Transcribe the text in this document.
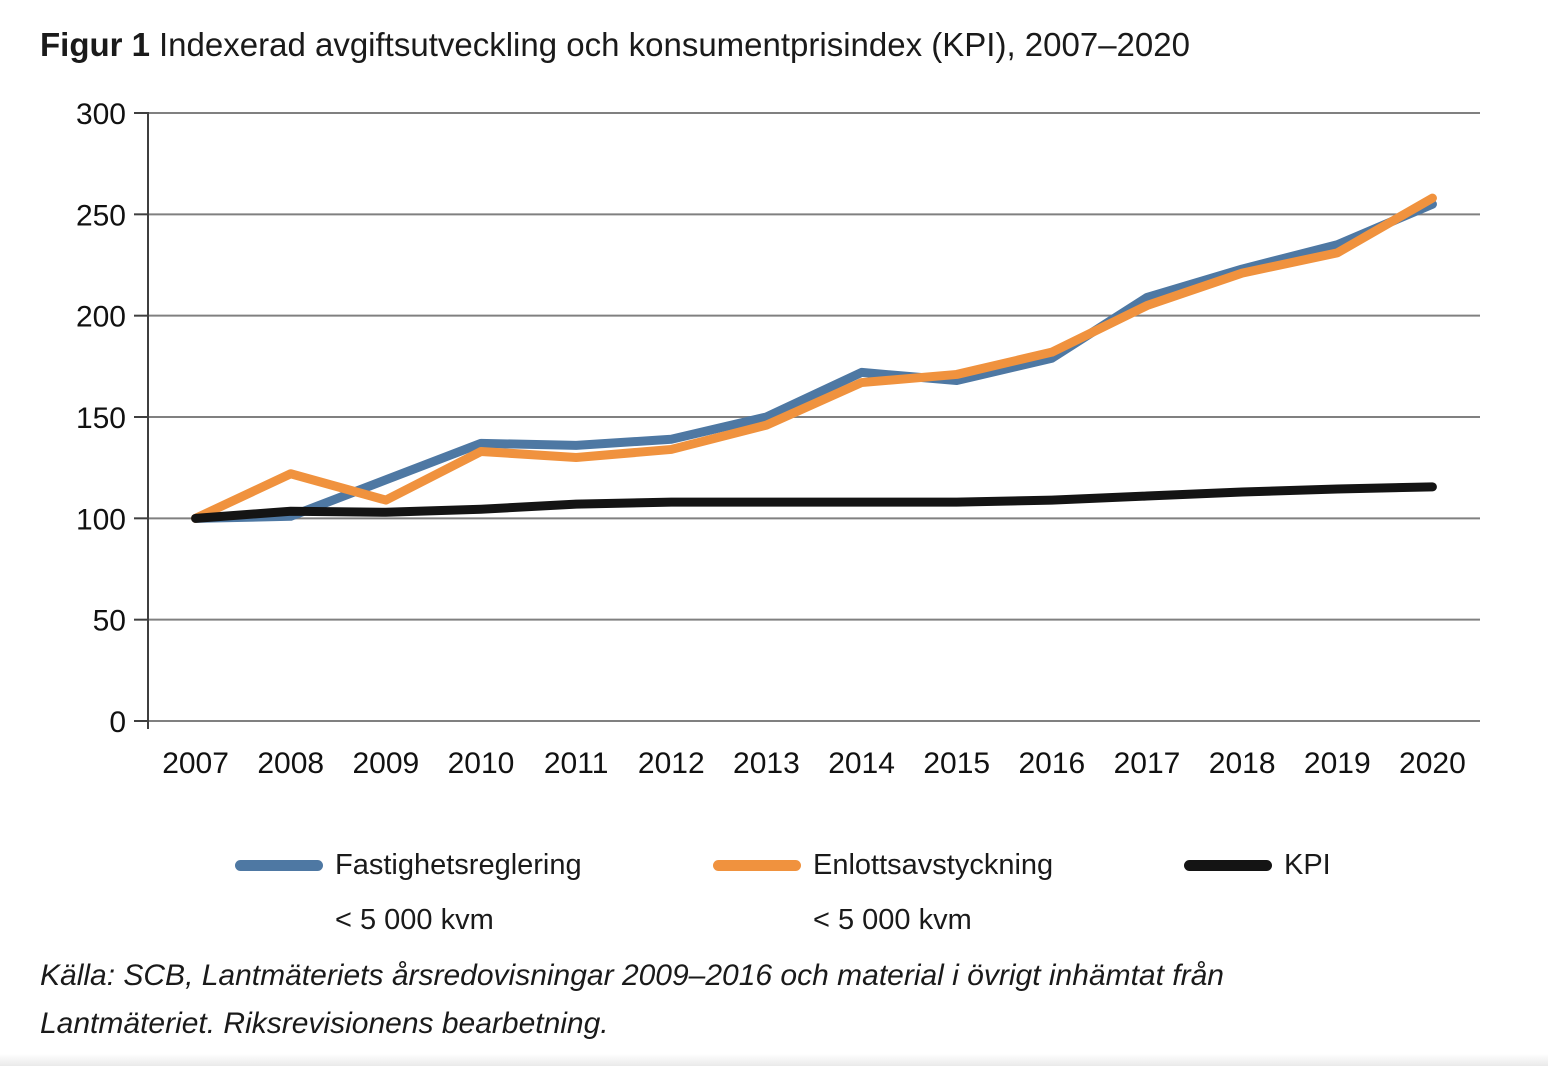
Figur 1 Indexerad avgiftsutveckling och konsumentprisindex (KPI), 2007–2020
0
50
100
150
200
250
300
2007 2008 2009 2010 2011 2012 2013 2014 2015 2016 2017 2018 2019 2020
Fastighetsreglering
< 5 000 kvm
Enlottsavstyckning
< 5 000 kvm
KPI
Källa: SCB, Lantmäteriets årsredovisningar 2009–2016 och material i övrigt inhämtat från
Lantmäteriet. Riksrevisionens bearbetning.
